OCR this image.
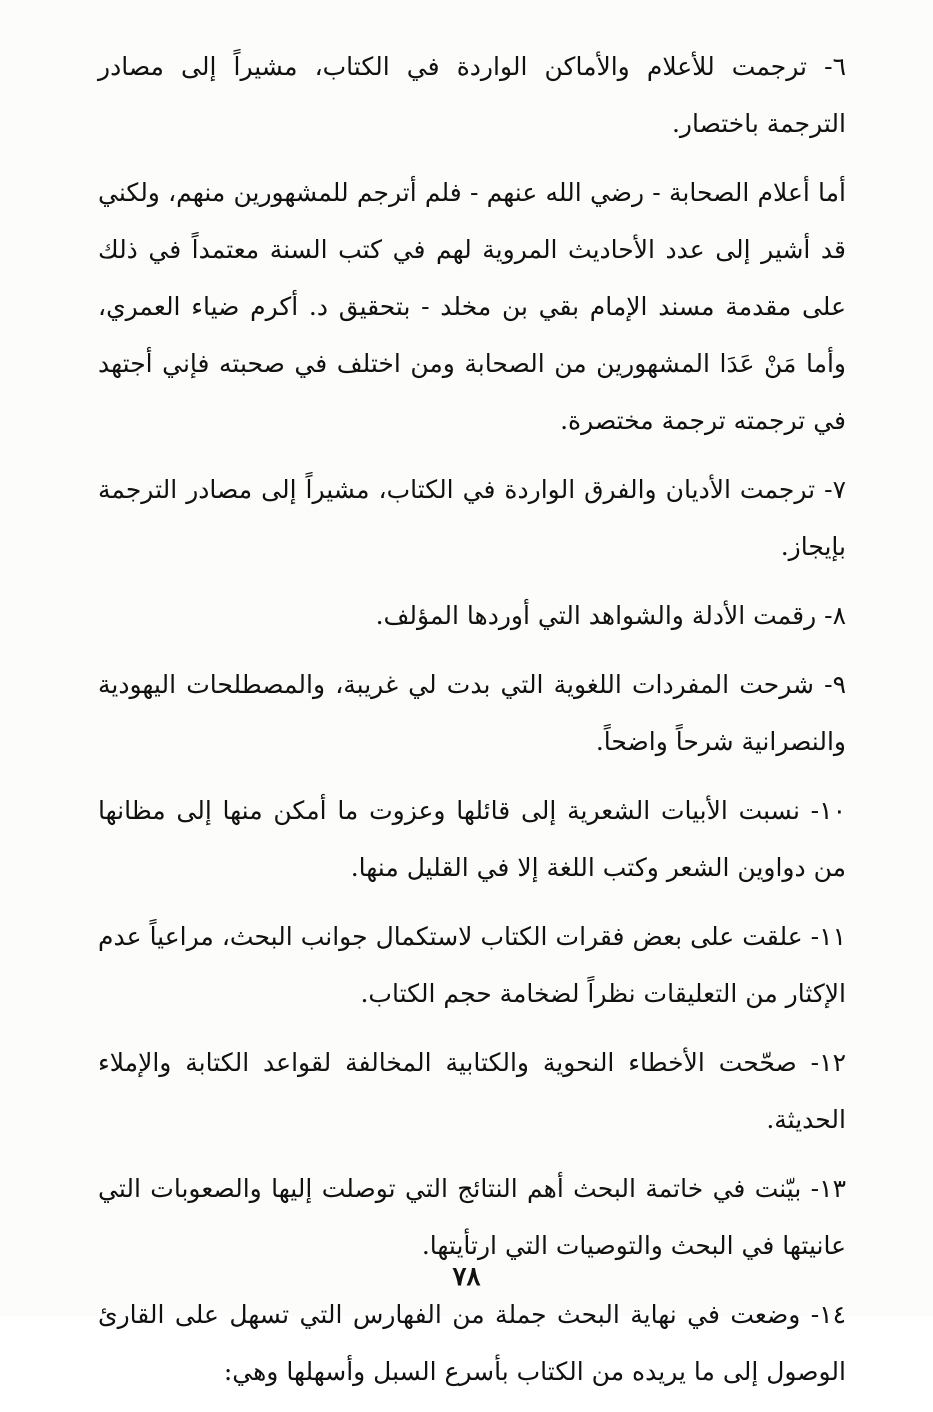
٦- ترجمت للأعلام والأماكن الواردة في الكتاب، مشيراً إلى مصادر الترجمة باختصار.

أما أعلام الصحابة - رضي الله عنهم - فلم أترجم للمشهورين منهم، ولكني قد أشير إلى عدد الأحاديث المروية لهم في كتب السنة معتمداً في ذلك على مقدمة مسند الإمام بقي بن مخلد - بتحقيق د. أكرم ضياء العمري، وأما مَنْ عَدَا المشهورين من الصحابة ومن اختلف في صحبته فإني أجتهد في ترجمته ترجمة مختصرة.

٧- ترجمت الأديان والفرق الواردة في الكتاب، مشيراً إلى مصادر الترجمة بإيجاز.

٨- رقمت الأدلة والشواهد التي أوردها المؤلف.

٩- شرحت المفردات اللغوية التي بدت لي غريبة، والمصطلحات اليهودية والنصرانية شرحاً واضحاً.

١٠- نسبت الأبيات الشعرية إلى قائلها وعزوت ما أمكن منها إلى مظانها من دواوين الشعر وكتب اللغة إلا في القليل منها.

١١- علقت على بعض فقرات الكتاب لاستكمال جوانب البحث، مراعياً عدم الإكثار من التعليقات نظراً لضخامة حجم الكتاب.

١٢- صحّحت الأخطاء النحوية والكتابية المخالفة لقواعد الكتابة والإملاء الحديثة.

١٣- بيّنت في خاتمة البحث أهم النتائج التي توصلت إليها والصعوبات التي عانيتها في البحث والتوصيات التي ارتأيتها.

١٤- وضعت في نهاية البحث جملة من الفهارس التي تسهل على القارئ الوصول إلى ما يريده من الكتاب بأسرع السبل وأسهلها وهي:

٧٨
